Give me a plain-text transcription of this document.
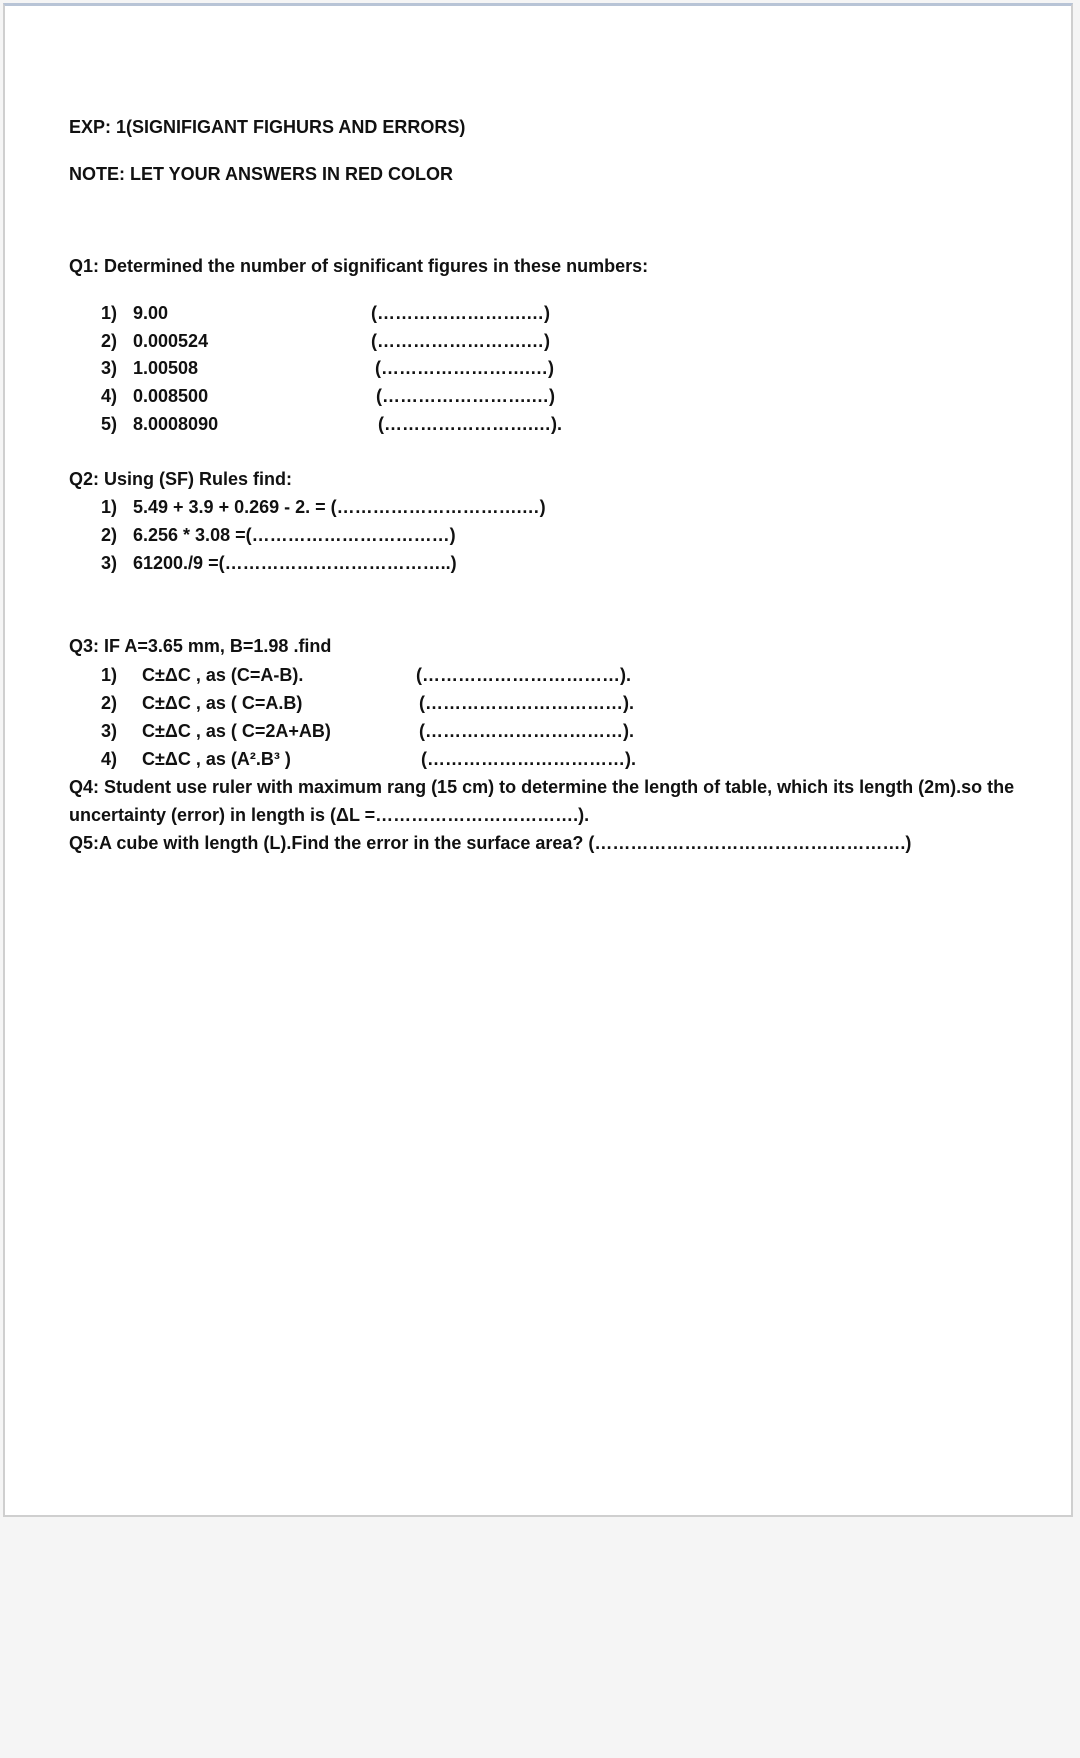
EXP: 1(SIGNIFIGANT FIGHURS AND ERRORS)
NOTE: LET YOUR ANSWERS IN RED COLOR
Q1: Determined the number of significant figures in these numbers:
1) 9.00	(…………………….…)
2) 0.000524	(…………………….…)
3) 1.00508	(…………………….…)
4) 0.008500	(…………………….…)
5) 8.0008090	(…………………….…).
Q2: Using (SF) Rules find:
1) 5.49 + 3.9 + 0.269 - 2. = (………………………….…)
2) 6.256 * 3.08 =(……………………………)
3) 61200./9 =(………………………………..)
Q3: IF A=3.65 mm, B=1.98 .find
1) C±ΔC , as (C=A-B).	(……………………………).
2) C±ΔC , as ( C=A.B)	(……………………………).
3) C±ΔC , as ( C=2A+AB)	(……………………………).
4) C±ΔC , as (A².B³ )	(……………………………).
Q4: Student use ruler with maximum rang (15 cm) to determine the length of table, which its length (2m).so the
uncertainty (error) in length is (ΔL =…………………………….).
Q5:A cube with length (L).Find the error in the surface area? (…………………………………………….)
